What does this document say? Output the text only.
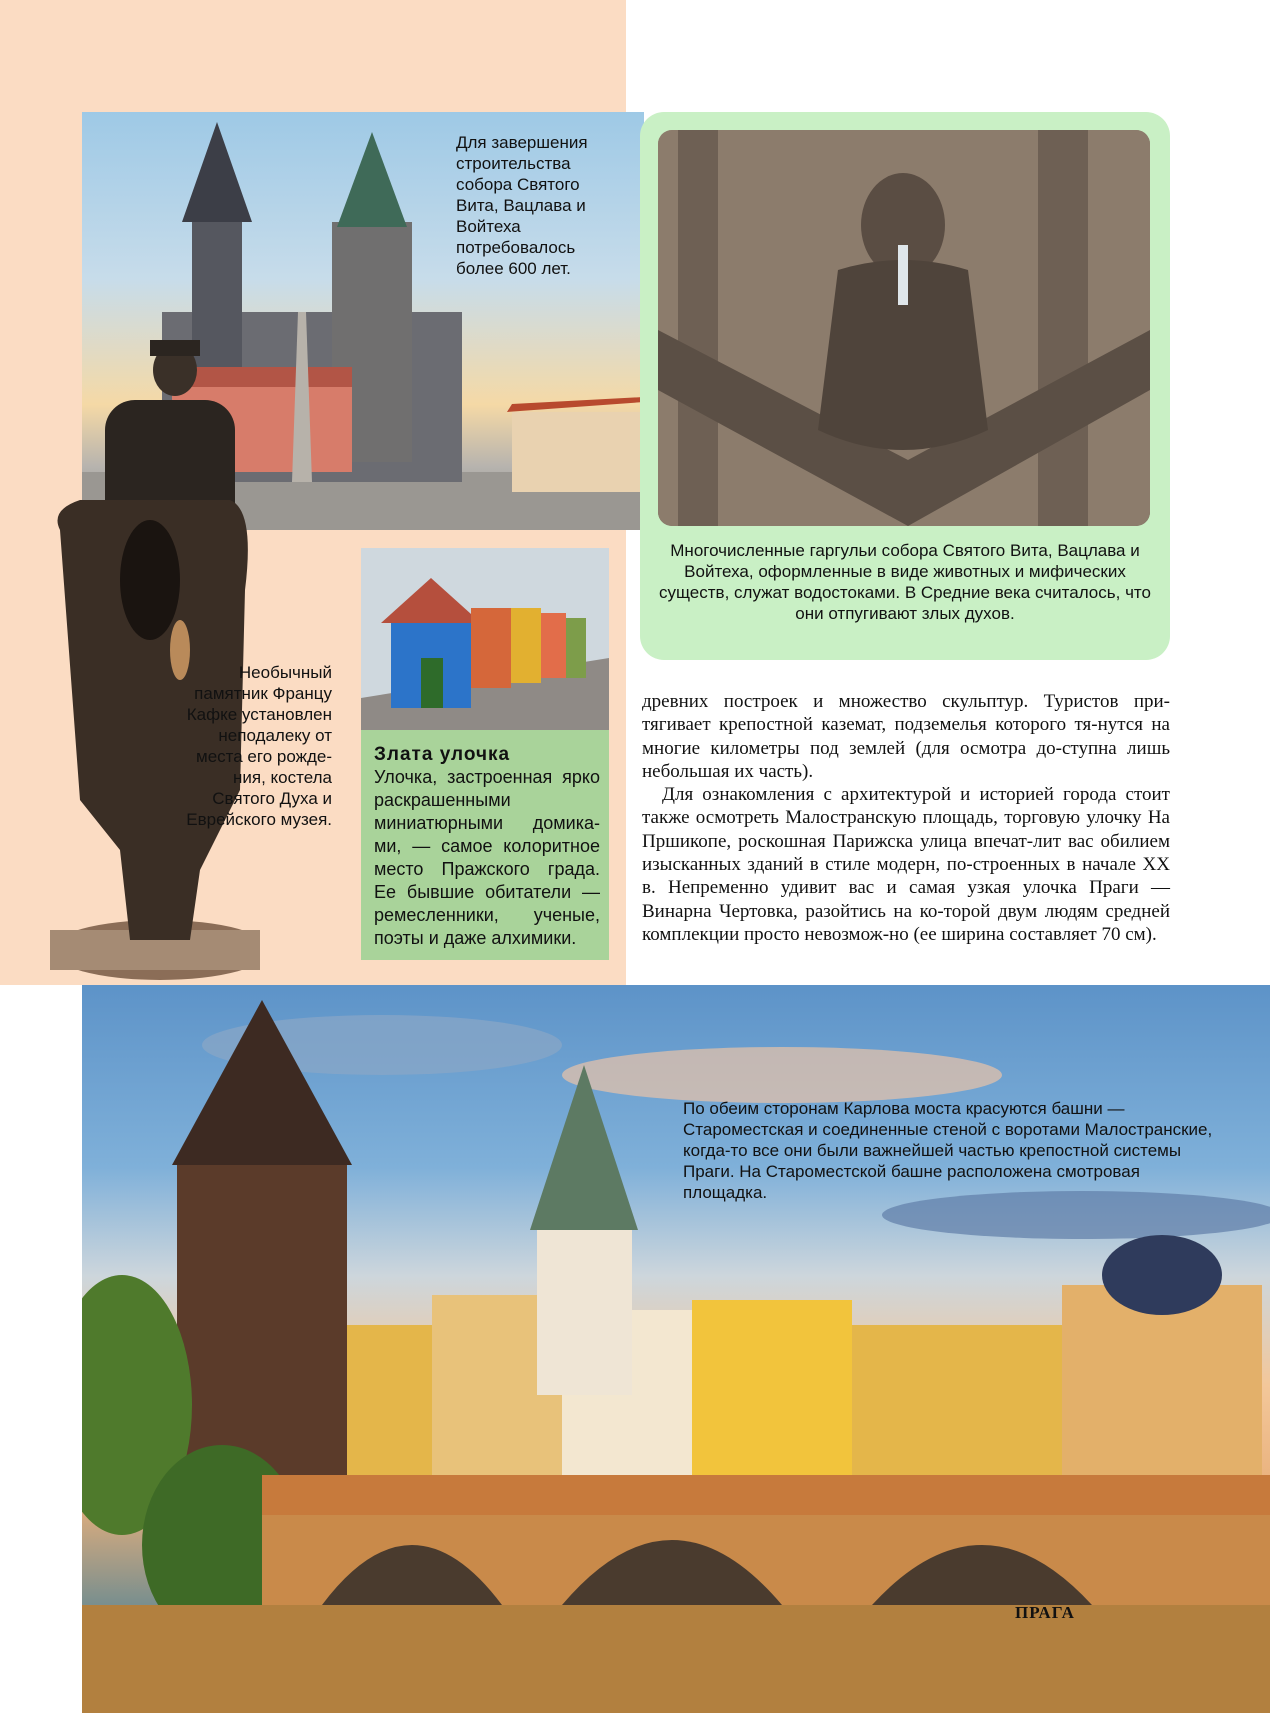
Для завершения строительства собора Святого Вита, Вацлава и Войтеха потребовалось более 600 лет.
Необычный памятник Францу Кафке установлен неподалеку от места его рожде-ния, костела Святого Духа и Еврейского музея.
Злата улочка
Улочка, застроенная ярко раскрашенными миниатюрными домика-ми, — самое колоритное место Пражского града. Ее бывшие обитатели — ремесленники, ученые, поэты и даже алхимики.
Многочисленные гаргульи собора Святого Вита, Вацлава и Войтеха, оформленные в виде животных и мифических существ, служат водостоками. В Средние века считалось, что они отпугивают злых духов.

древних построек и множество скульптур. Туристов при-тягивает крепостной каземат, подземелья которого тя-нутся на многие километры под землей (для осмотра до-ступна лишь небольшая их часть).

Для ознакомления с архитектурой и историей города стоит также осмотреть Малостранскую площадь, торговую улочку На Пршикопе, роскошная Парижска улица впечат-лит вас обилием изысканных зданий в стиле модерн, по-строенных в начале XX в. Непременно удивит вас и самая узкая улочка Праги — Винарна Чертовка, разойтись на ко-торой двум людям средней комплекции просто невозмож-но (ее ширина составляет 70 см).

По обеим сторонам Карлова моста красуются башни — Староместская и соединенные стеной с воротами Малостранские, когда-то все они были важнейшей частью крепостной системы Праги. На Староместской башне расположена смотровая площадка.
ПРАГА
